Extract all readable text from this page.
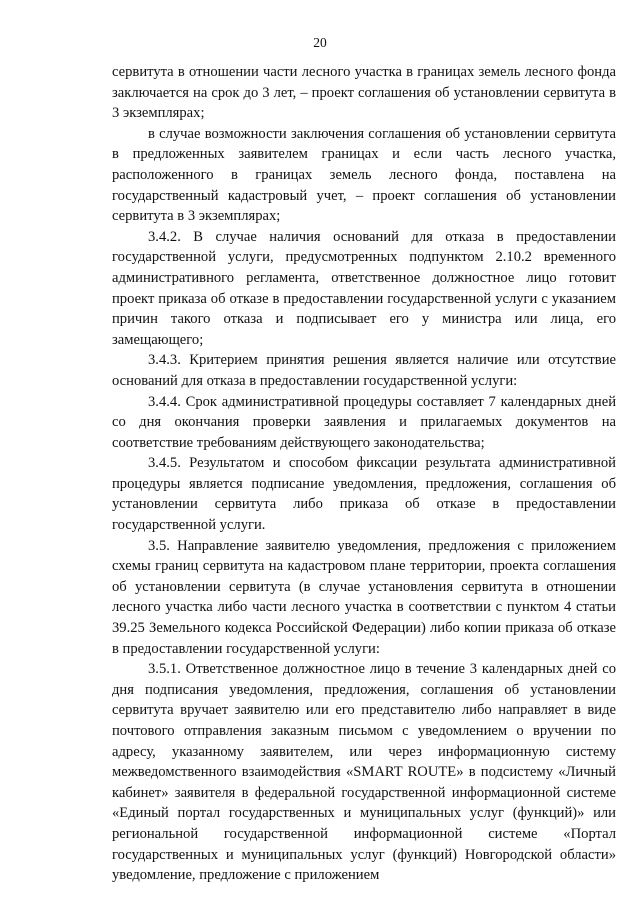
20

сервитута в отношении части лесного участка в границах земель лесного фонда заключается на срок до 3 лет, – проект соглашения об установлении сервитута в 3 экземплярах;

в случае возможности заключения соглашения об установлении сервитута в предложенных заявителем границах и если часть лесного участка, расположенного в границах земель лесного фонда, поставлена на государственный кадастровый учет, – проект соглашения об установлении сервитута в 3 экземплярах;

3.4.2. В случае наличия оснований для отказа в предоставлении государственной услуги, предусмотренных подпунктом 2.10.2 временного административного регламента, ответственное должностное лицо готовит проект приказа об отказе в предоставлении государственной услуги с указанием причин такого отказа и подписывает его у министра или лица, его замещающего;

3.4.3. Критерием принятия решения является наличие или отсутствие оснований для отказа в предоставлении государственной услуги:

3.4.4. Срок административной процедуры составляет 7 календарных дней со дня окончания проверки заявления и прилагаемых документов на соответствие требованиям действующего законодательства;

3.4.5. Результатом и способом фиксации результата административной процедуры является подписание уведомления, предложения, соглашения об установлении сервитута либо приказа об отказе в предоставлении государственной услуги.

3.5. Направление заявителю уведомления, предложения с приложением схемы границ сервитута на кадастровом плане территории, проекта соглашения об установлении сервитута (в случае установления сервитута в отношении лесного участка либо части лесного участка в соответствии с пунктом 4 статьи 39.25 Земельного кодекса Российской Федерации) либо копии приказа об отказе в предоставлении государственной услуги:

3.5.1. Ответственное должностное лицо в течение 3 календарных дней со дня подписания уведомления, предложения, соглашения об установлении сервитута вручает заявителю или его представителю либо направляет в виде почтового отправления заказным письмом с уведомлением о вручении по адресу, указанному заявителем, или через информационную систему межведомственного взаимодействия «SMART ROUTE» в подсистему «Личный кабинет» заявителя в федеральной государственной информационной системе «Единый портал государственных и муниципальных услуг (функций)» или региональной государственной информационной системе «Портал государственных и муниципальных услуг (функций) Новгородской области» уведомление, предложение с приложением
